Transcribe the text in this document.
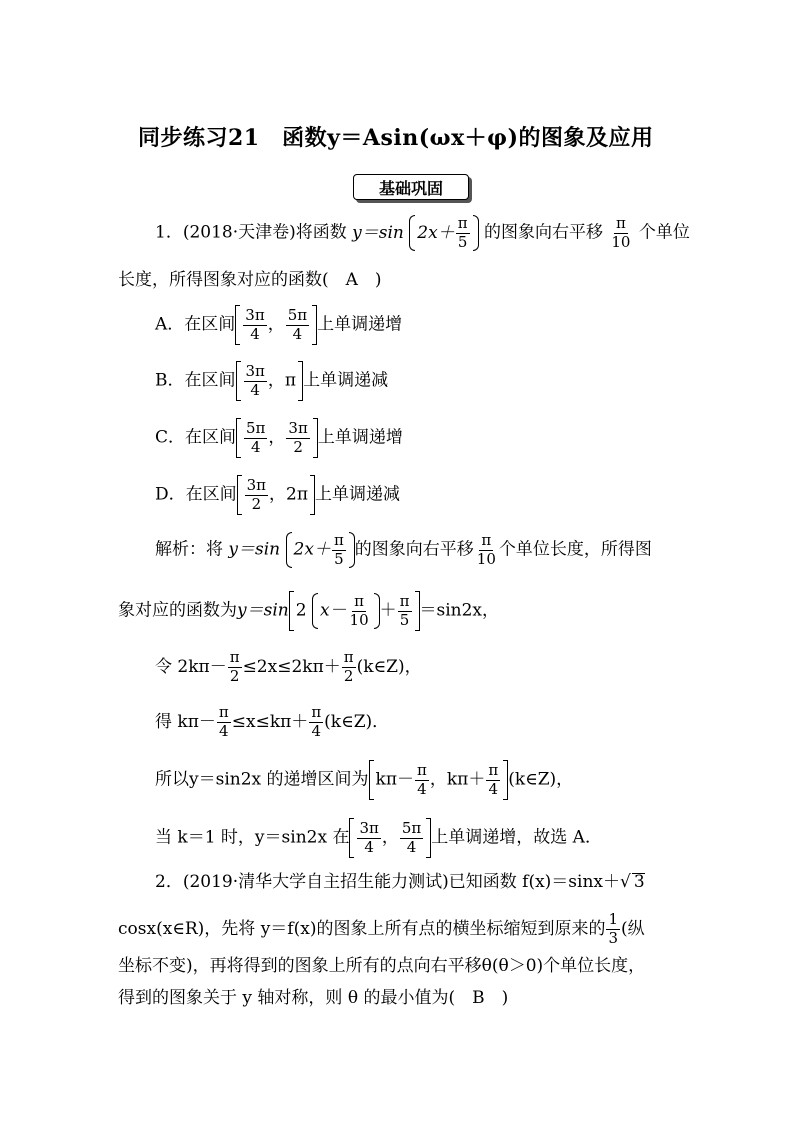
同步练习21　函数y＝Asin(ωx＋φ)的图象及应用
基础巩固
1．(2018·天津卷)将函数 y＝sin $2x+ \frac{\pi}{5}$ 的图象向右平移 $\frac{\pi}{10}$ 个单位
长度，所得图象对应的函数(　A　)
A．在区间 $\frac{3\pi}{4}$ ， $\frac{5\pi}{4}$ 上单调递增
B．在区间 $\frac{3\pi}{4}$ ，π 上单调递减
C．在区间 $\frac{5\pi}{4}$ ， $\frac{3\pi}{2}$ 上单调递增
D．在区间 $\frac{3\pi}{2}$ ，2π 上单调递减
解析：将 y＝sin $2x+ \frac{\pi}{5}$ 的图象向右平移 $\frac{\pi}{10}$ 个单位长度，所得图
象对应的函数为y＝sin 2 $x- \frac{\pi}{10} + \frac{\pi}{5} =\sin 2x$，
令 $2k\pi- \frac{\pi}{2} \le 2x\le 2k\pi+ \frac{\pi}{2}$ (k∈Z)，
得 $k\pi- \frac{\pi}{4} \le x\le k\pi+ \frac{\pi}{4}$ (k∈Z)．
所以y＝sin2x 的递增区间为 $k\pi- \frac{\pi}{4}$ ，$k\pi+ \frac{\pi}{4}$ (k∈Z)，
当 k＝1 时，y＝sin2x 在 $\frac{3\pi}{4}$ ， $\frac{5\pi}{4}$ 上单调递增，故选 A．
2．(2019·清华大学自主招生能力测试)已知函数 f(x)＝sinx＋√ 3
cosx(x∈R)，先将 y＝f(x)的图象上所有点的横坐标缩短到原来的 $\frac{1}{3}$ (纵
坐标不变)，再将得到的图象上所有的点向右平移θ(θ＞0)个单位长度，
得到的图象关于 y 轴对称，则 θ 的最小值为(　B　)
